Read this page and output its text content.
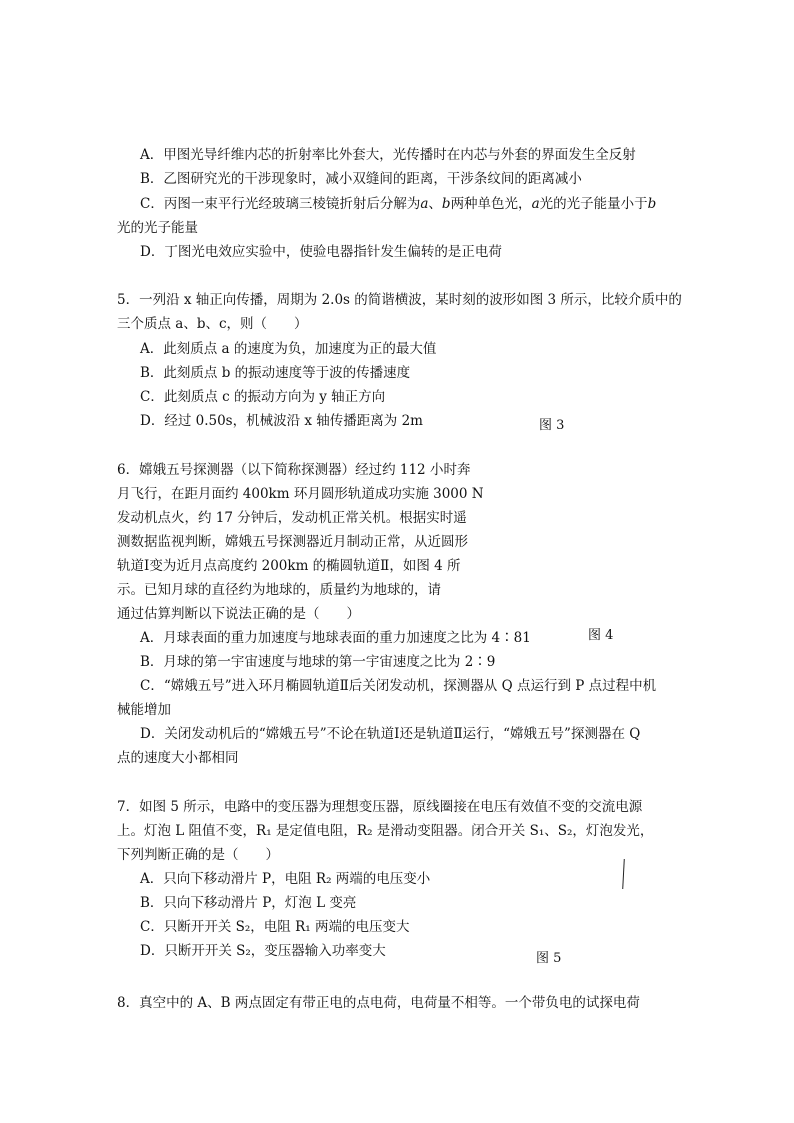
A．甲图光导纤维内芯的折射率比外套大，光传播时在内芯与外套的界面发生全反射
B．乙图研究光的干涉现象时，减小双缝间的距离，干涉条纹间的距离减小
C．丙图一束平行光经玻璃三棱镜折射后分解为a、b两种单色光，a光的光子能量小于b
光的光子能量
D．丁图光电效应实验中，使验电器指针发生偏转的是正电荷
5．一列沿 x 轴正向传播，周期为 2.0s 的简谐横波，某时刻的波形如图 3 所示，比较介质中的
三个质点 a、b、c，则（　　）
A．此刻质点 a 的速度为负，加速度为正的最大值
B．此刻质点 b 的振动速度等于波的传播速度
C．此刻质点 c 的振动方向为 y 轴正方向
D．经过 0.50s，机械波沿 x 轴传播距离为 2m	图 3
6．嫦娥五号探测器（以下简称探测器）经过约 112 小时奔
月飞行，在距月面约 400km 环月圆形轨道成功实施 3000 N
发动机点火，约 17 分钟后，发动机正常关机。根据实时遥
测数据监视判断，嫦娥五号探测器近月制动正常，从近圆形
轨道Ⅰ变为近月点高度约 200km 的椭圆轨道Ⅱ，如图 4 所
示。已知月球的直径约为地球的，质量约为地球的，请
通过估算判断以下说法正确的是（　　）
A．月球表面的重力加速度与地球表面的重力加速度之比为 4∶81	图 4
B．月球的第一宇宙速度与地球的第一宇宙速度之比为 2∶9
C．“嫦娥五号”进入环月椭圆轨道Ⅱ后关闭发动机，探测器从 Q 点运行到 P 点过程中机
械能增加
D．关闭发动机后的“嫦娥五号”不论在轨道Ⅰ还是轨道Ⅱ运行，“嫦娥五号”探测器在 Q
点的速度大小都相同
7．如图 5 所示，电路中的变压器为理想变压器，原线圈接在电压有效值不变的交流电源
上。灯泡 L 阻值不变，R₁ 是定值电阻，R₂ 是滑动变阻器。闭合开关 S₁、S₂，灯泡发光，
下列判断正确的是（　　）
A．只向下移动滑片 P，电阻 R₂ 两端的电压变小
B．只向下移动滑片 P，灯泡 L 变亮
C．只断开开关 S₂，电阻 R₁ 两端的电压变大
D．只断开开关 S₂，变压器输入功率变大	图 5
8．真空中的 A、B 两点固定有带正电的点电荷，电荷量不相等。一个带负电的试探电荷
